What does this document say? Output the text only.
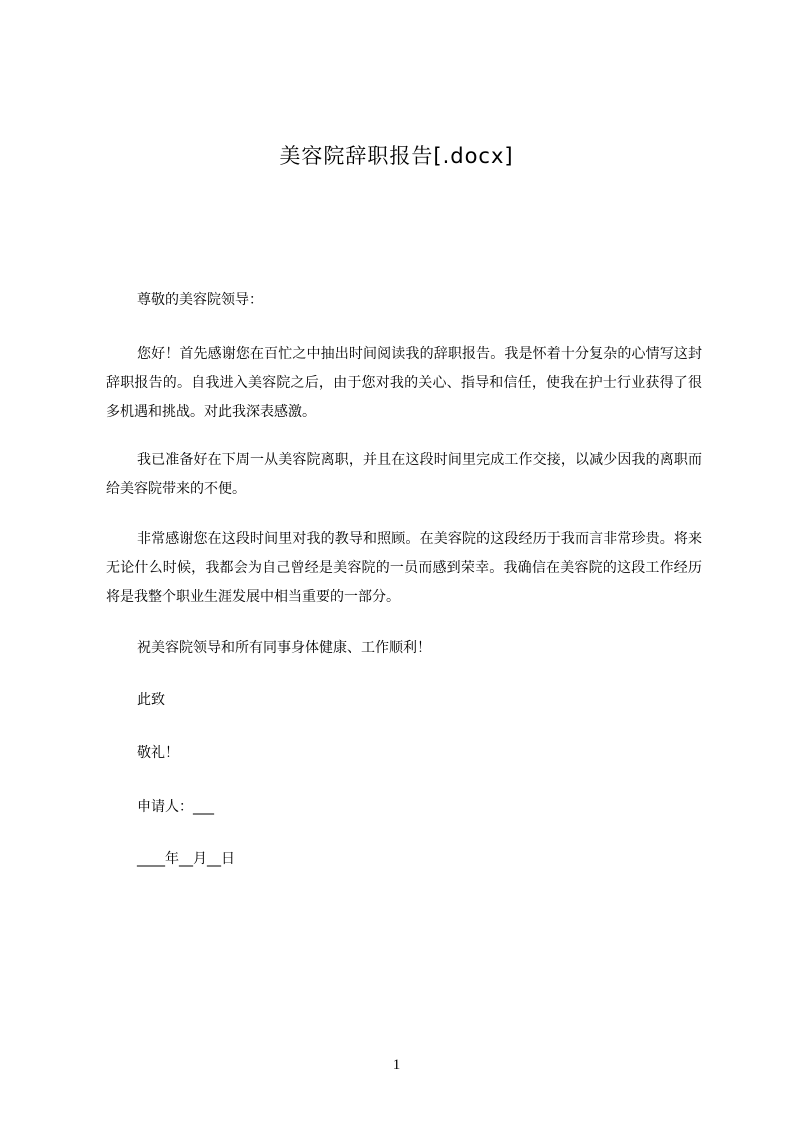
美容院辞职报告[.docx]

尊敬的美容院领导：

您好！首先感谢您在百忙之中抽出时间阅读我的辞职报告。我是怀着十分复杂的心情写这封辞职报告的。自我进入美容院之后，由于您对我的关心、指导和信任，使我在护士行业获得了很多机遇和挑战。对此我深表感激。

我已准备好在下周一从美容院离职，并且在这段时间里完成工作交接，以减少因我的离职而给美容院带来的不便。

非常感谢您在这段时间里对我的教导和照顾。在美容院的这段经历于我而言非常珍贵。将来无论什么时候，我都会为自己曾经是美容院的一员而感到荣幸。我确信在美容院的这段工作经历将是我整个职业生涯发展中相当重要的一部分。

祝美容院领导和所有同事身体健康、工作顺利！

此致

敬礼！

申请人：___

____年__月__日

1
